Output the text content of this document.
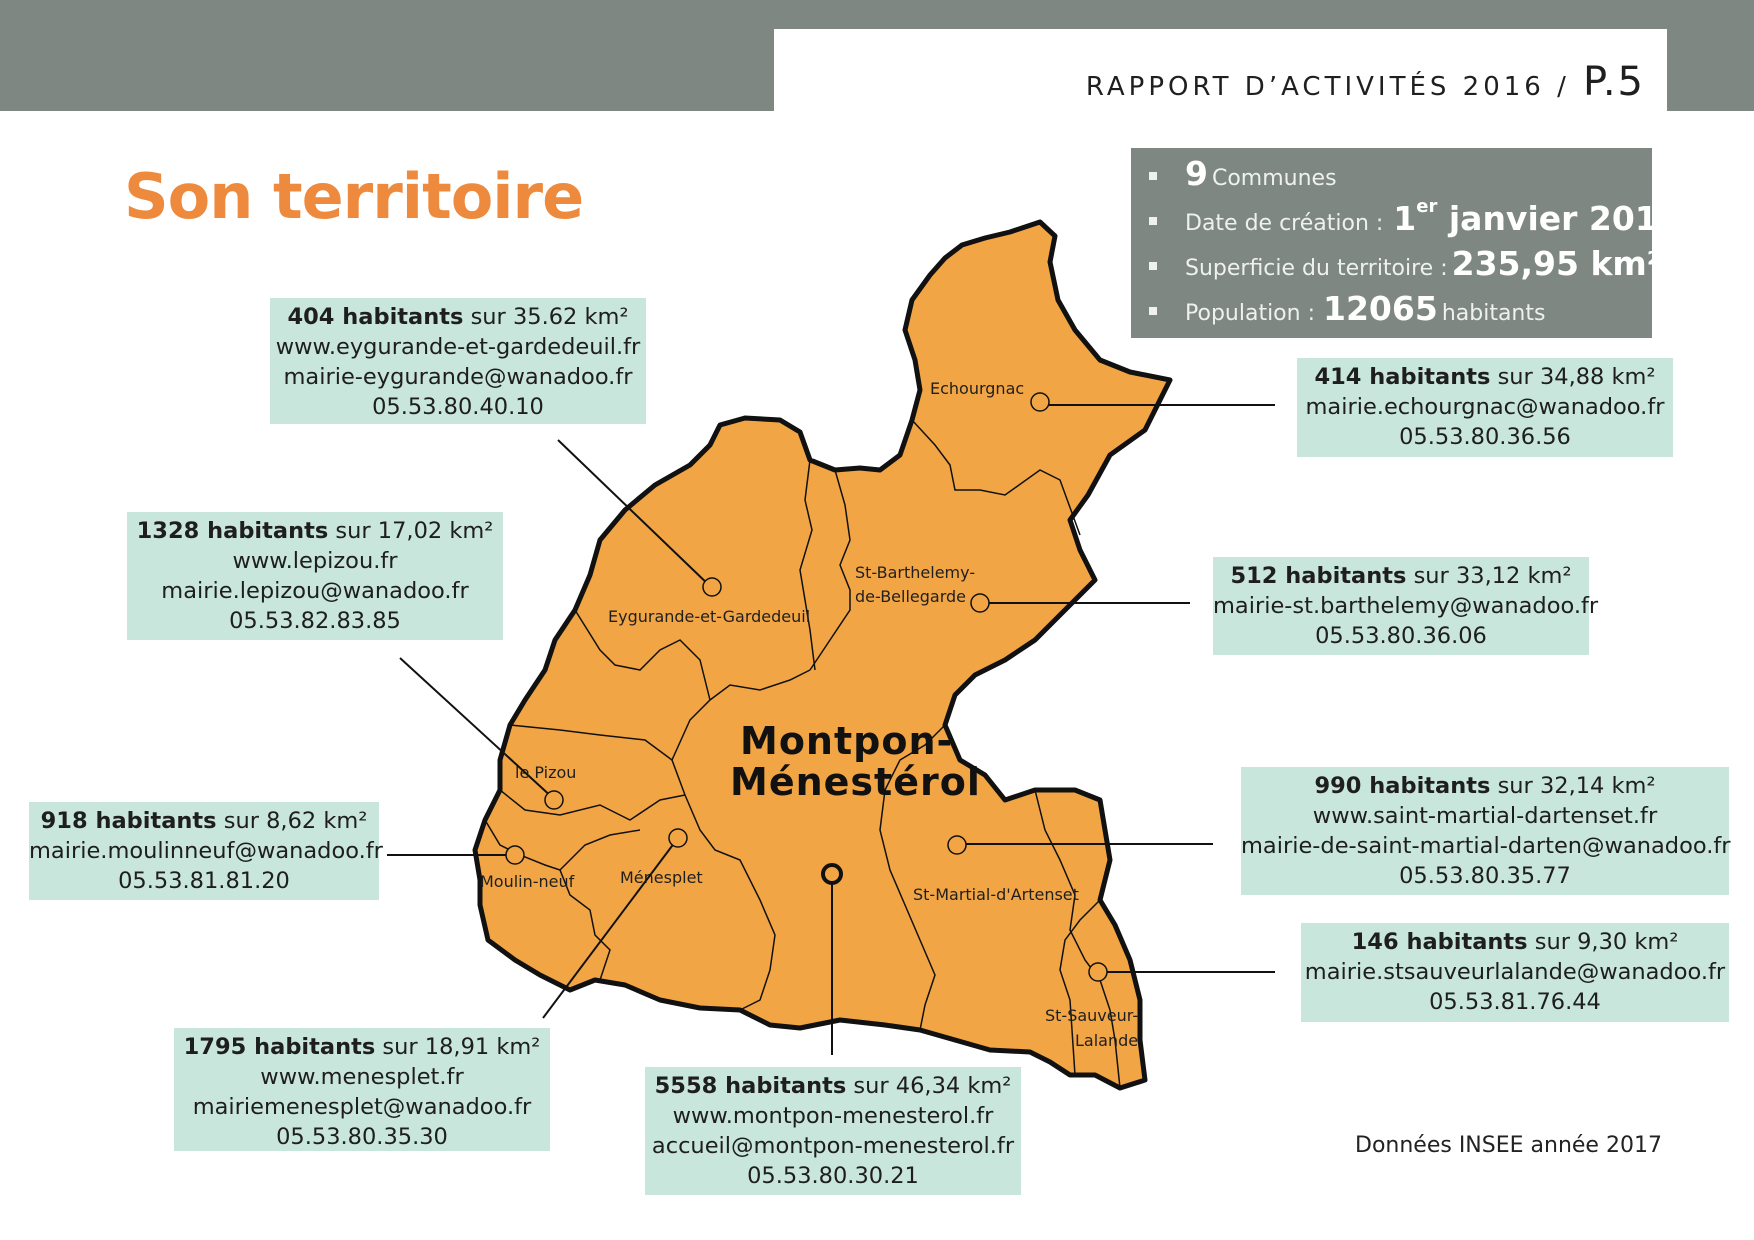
RAPPORT D’ACTIVITÉS 2016 / P.5
Son territoire	9 Communes
Date de création : 1er janvier 2014
Superficie du territoire : 235,95 km²
Population : 12065 habitants
Echourgnac
St-Barthelemy-
de-Bellegarde
Eygurande-et-Gardedeuil
le Pizou
Moulin-neuf	Ménesplet
St-Martial-d'Artenset
St-Sauveur-
Lalande
Montpon-
Ménestérol
404 habitants sur 35.62 km²
www.eygurande-et-gardedeuil.fr
mairie-eygurande@wanadoo.fr
05.53.80.40.10
414 habitants sur 34,88 km²
mairie.echourgnac@wanadoo.fr
05.53.80.36.56
1328 habitants sur 17,02 km²
www.lepizou.fr
mairie.lepizou@wanadoo.fr
05.53.82.83.85
512 habitants sur 33,12 km²
mairie-st.barthelemy@wanadoo.fr
05.53.80.36.06
918 habitants sur 8,62 km²
mairie.moulinneuf@wanadoo.fr
05.53.81.81.20
990 habitants sur 32,14 km²
www.saint-martial-dartenset.fr
mairie-de-saint-martial-darten@wanadoo.fr
05.53.80.35.77
146 habitants sur 9,30 km²
mairie.stsauveurlalande@wanadoo.fr
05.53.81.76.44
1795 habitants sur 18,91 km²
www.menesplet.fr
mairiemenesplet@wanadoo.fr
05.53.80.35.30
5558 habitants sur 46,34 km²
www.montpon-menesterol.fr
accueil@montpon-menesterol.fr
05.53.80.30.21
Données INSEE année 2017
